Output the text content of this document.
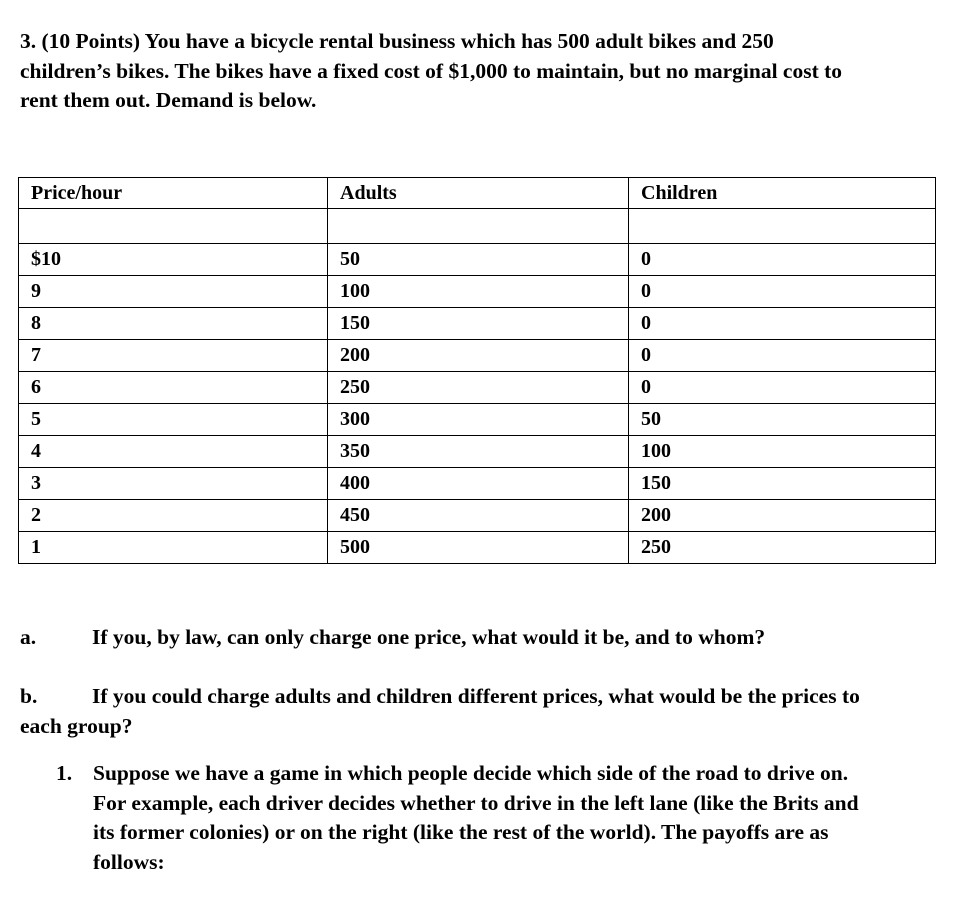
3. (10 Points) You have a bicycle rental business which has 500 adult bikes and 250
children’s bikes. The bikes have a fixed cost of $1,000 to maintain, but no marginal cost to
rent them out. Demand is below.
Price/hour	Adults	Children

$10	50	0
9	100	0
8	150	0
7	200	0
6	250	0
5	300	50
4	350	100
3	400	150
2	450	200
1	500	250
a.	If you, by law, can only charge one price, what would it be, and to whom?
b.	If you could charge adults and children different prices, what would be the prices to
each group?
1. Suppose we have a game in which people decide which side of the road to drive on.
For example, each driver decides whether to drive in the left lane (like the Brits and
its former colonies) or on the right (like the rest of the world). The payoffs are as
follows:
